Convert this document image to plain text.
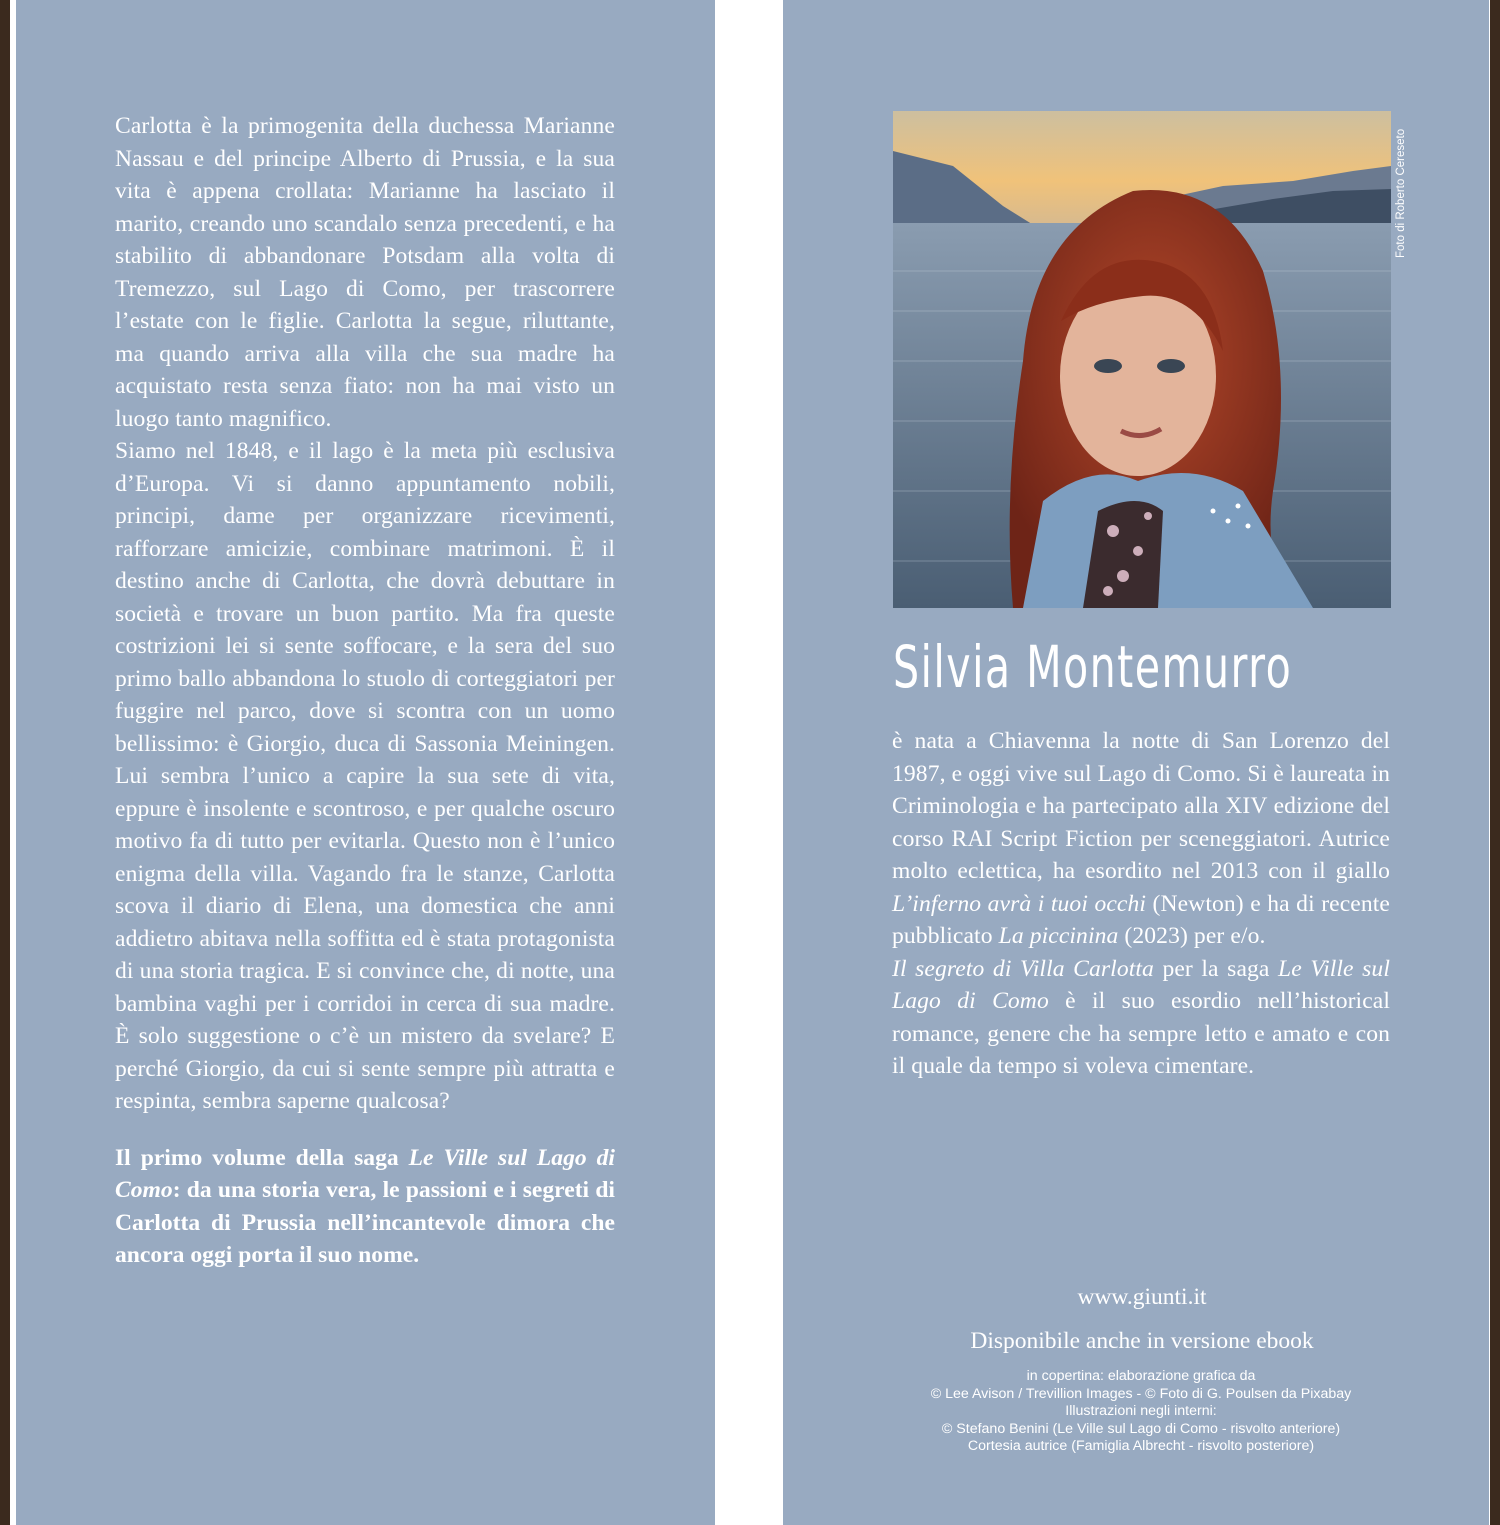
Carlotta è la primogenita della duchessa Marianne Nassau e del principe Alberto di Prussia, e la sua vita è appena crollata: Marianne ha lasciato il marito, creando uno scandalo senza precedenti, e ha stabilito di abbandonare Potsdam alla volta di Tremezzo, sul Lago di Como, per trascorrere l’estate con le figlie. Carlotta la segue, riluttante, ma quando arriva alla villa che sua madre ha acquistato resta senza fiato: non ha mai visto un luogo tanto magnifico.

Siamo nel 1848, e il lago è la meta più esclusiva d’Europa. Vi si danno appuntamento nobili, principi, dame per organizzare ricevimenti, rafforzare amicizie, combinare matrimoni. È il destino anche di Carlotta, che dovrà debuttare in società e trovare un buon partito. Ma fra queste costrizioni lei si sente soffocare, e la sera del suo primo ballo abbandona lo stuolo di corteggiatori per fuggire nel parco, dove si scontra con un uomo bellissimo: è Giorgio, duca di Sassonia Meiningen. Lui sembra l’unico a capire la sua sete di vita, eppure è insolente e scontroso, e per qualche oscuro motivo fa di tutto per evitarla. Questo non è l’unico enigma della villa. Vagando fra le stanze, Carlotta scova il diario di Elena, una domestica che anni addietro abitava nella soffitta ed è stata protagonista di una storia tragica. E si convince che, di notte, una bambina vaghi per i corridoi in cerca di sua madre. È solo suggestione o c’è un mistero da svelare? E perché Giorgio, da cui si sente sempre più attratta e respinta, sembra saperne qualcosa?

Il primo volume della saga Le Ville sul Lago di Como: da una storia vera, le passioni e i segreti di Carlotta di Prussia nell’incantevole dimora che ancora oggi porta il suo nome.

Foto di Roberto Cereseto
Silvia Montemurro

è nata a Chiavenna la notte di San Lorenzo del 1987, e oggi vive sul Lago di Como. Si è laureata in Criminologia e ha partecipato alla XIV edizione del corso RAI Script Fiction per sceneggiatori. Autrice molto eclettica, ha esordito nel 2013 con il giallo L’inferno avrà i tuoi occhi (Newton) e ha di recente pubblicato La piccinina (2023) per e/o.

Il segreto di Villa Carlotta per la saga Le Ville sul Lago di Como è il suo esordio nell’historical romance, genere che ha sempre letto e amato e con il quale da tempo si voleva cimentare.

www.giunti.it

Disponibile anche in versione ebook

in copertina: elaborazione grafica da
© Lee Avison / Trevillion Images - © Foto di G. Poulsen da Pixabay
Illustrazioni negli interni:
© Stefano Benini (Le Ville sul Lago di Como - risvolto anteriore)
Cortesia autrice (Famiglia Albrecht - risvolto posteriore)
